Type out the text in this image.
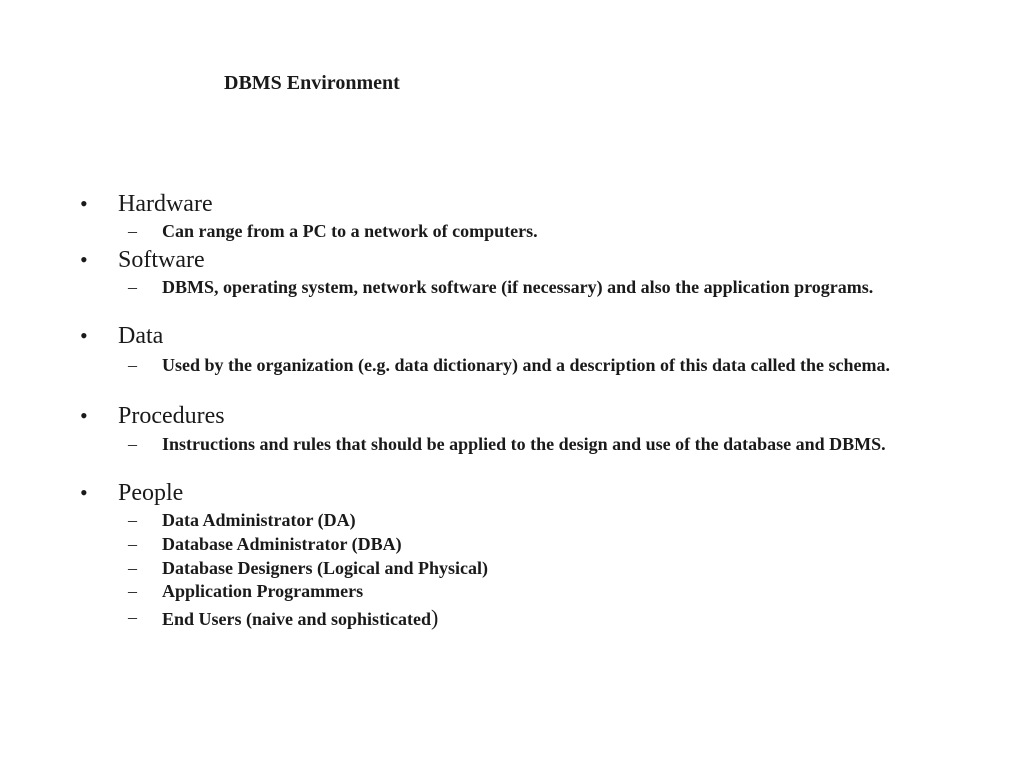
DBMS Environment
• Hardware
– Can range from a PC to a network of computers.
• Software
– DBMS, operating system, network software (if necessary) and also the application programs.
• Data
– Used by the organization (e.g. data dictionary) and a description of this data called the schema.
• Procedures
– Instructions and rules that should be applied to the design and use of the database and DBMS.
• People
– Data Administrator (DA)
– Database Administrator (DBA)
– Database Designers (Logical and Physical)
– Application Programmers
– End Users (naive and sophisticated)
